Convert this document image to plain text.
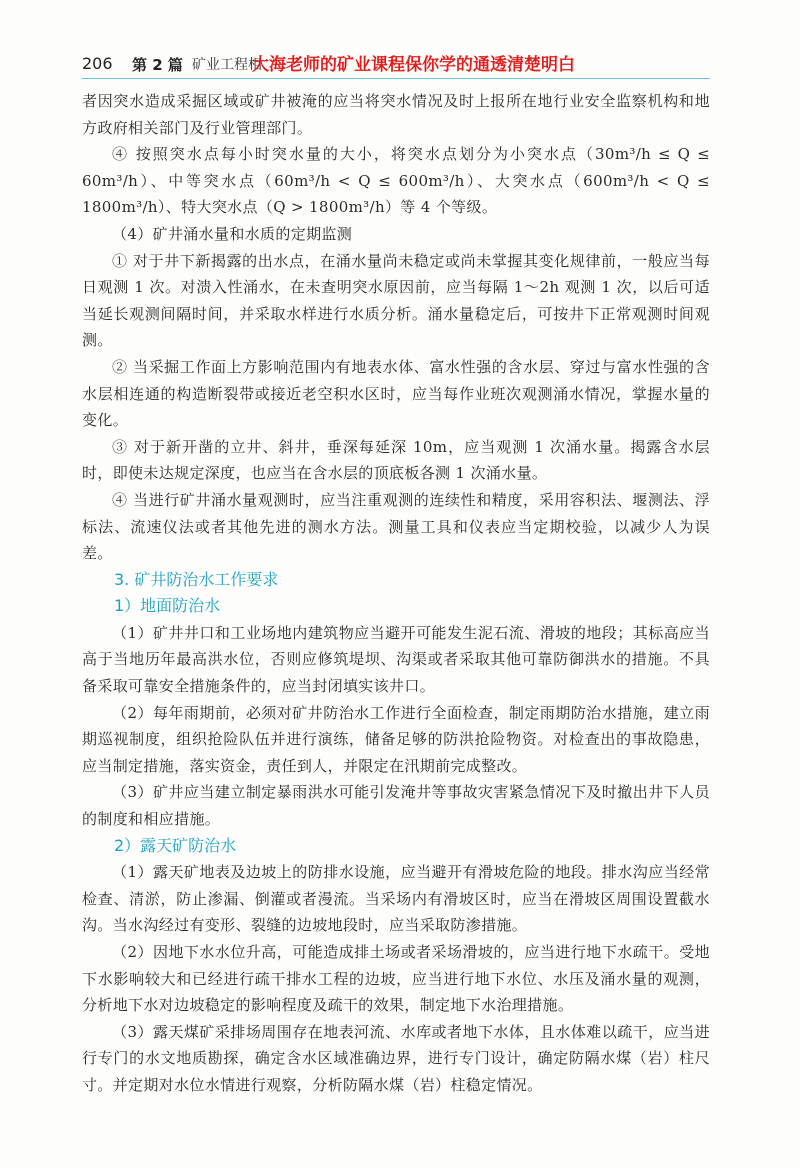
206 第 2 篇 矿业工程相
大海老师的矿业课程保你学的通透清楚明白

者因突水造成采掘区域或矿井被淹的应当将突水情况及时上报所在地行业安全监察机构和地方政府相关部门及行业管理部门。

④ 按照突水点每小时突水量的大小，将突水点划分为小突水点（30m³/h ≤ Q ≤ 60m³/h）、中等突水点（60m³/h < Q ≤ 600m³/h）、大突水点（600m³/h < Q ≤ 1800m³/h）、特大突水点（Q > 1800m³/h）等 4 个等级。

（4）矿井涌水量和水质的定期监测

① 对于井下新揭露的出水点，在涌水量尚未稳定或尚未掌握其变化规律前，一般应当每日观测 1 次。对溃入性涌水，在未查明突水原因前，应当每隔 1～2h 观测 1 次，以后可适当延长观测间隔时间，并采取水样进行水质分析。涌水量稳定后，可按井下正常观测时间观测。

② 当采掘工作面上方影响范围内有地表水体、富水性强的含水层、穿过与富水性强的含水层相连通的构造断裂带或接近老空积水区时，应当每作业班次观测涌水情况，掌握水量的变化。

③ 对于新开凿的立井、斜井，垂深每延深 10m，应当观测 1 次涌水量。揭露含水层时，即使未达规定深度，也应当在含水层的顶底板各测 1 次涌水量。

④ 当进行矿井涌水量观测时，应当注重观测的连续性和精度，采用容积法、堰测法、浮标法、流速仪法或者其他先进的测水方法。测量工具和仪表应当定期校验，以减少人为误差。

3. 矿井防治水工作要求

1）地面防治水

（1）矿井井口和工业场地内建筑物应当避开可能发生泥石流、滑坡的地段；其标高应当高于当地历年最高洪水位，否则应修筑堤坝、沟渠或者采取其他可靠防御洪水的措施。不具备采取可靠安全措施条件的，应当封闭填实该井口。

（2）每年雨期前，必须对矿井防治水工作进行全面检查，制定雨期防治水措施，建立雨期巡视制度，组织抢险队伍并进行演练，储备足够的防洪抢险物资。对检查出的事故隐患，应当制定措施，落实资金，责任到人，并限定在汛期前完成整改。

（3）矿井应当建立制定暴雨洪水可能引发淹井等事故灾害紧急情况下及时撤出井下人员的制度和相应措施。

2）露天矿防治水

（1）露天矿地表及边坡上的防排水设施，应当避开有滑坡危险的地段。排水沟应当经常检查、清淤，防止渗漏、倒灌或者漫流。当采场内有滑坡区时，应当在滑坡区周围设置截水沟。当水沟经过有变形、裂缝的边坡地段时，应当采取防渗措施。

（2）因地下水水位升高，可能造成排土场或者采场滑坡的，应当进行地下水疏干。受地下水影响较大和已经进行疏干排水工程的边坡，应当进行地下水位、水压及涌水量的观测，分析地下水对边坡稳定的影响程度及疏干的效果，制定地下水治理措施。

（3）露天煤矿采排场周围存在地表河流、水库或者地下水体，且水体难以疏干，应当进行专门的水文地质勘探，确定含水区域准确边界，进行专门设计，确定防隔水煤（岩）柱尺寸。并定期对水位水情进行观察，分析防隔水煤（岩）柱稳定情况。
